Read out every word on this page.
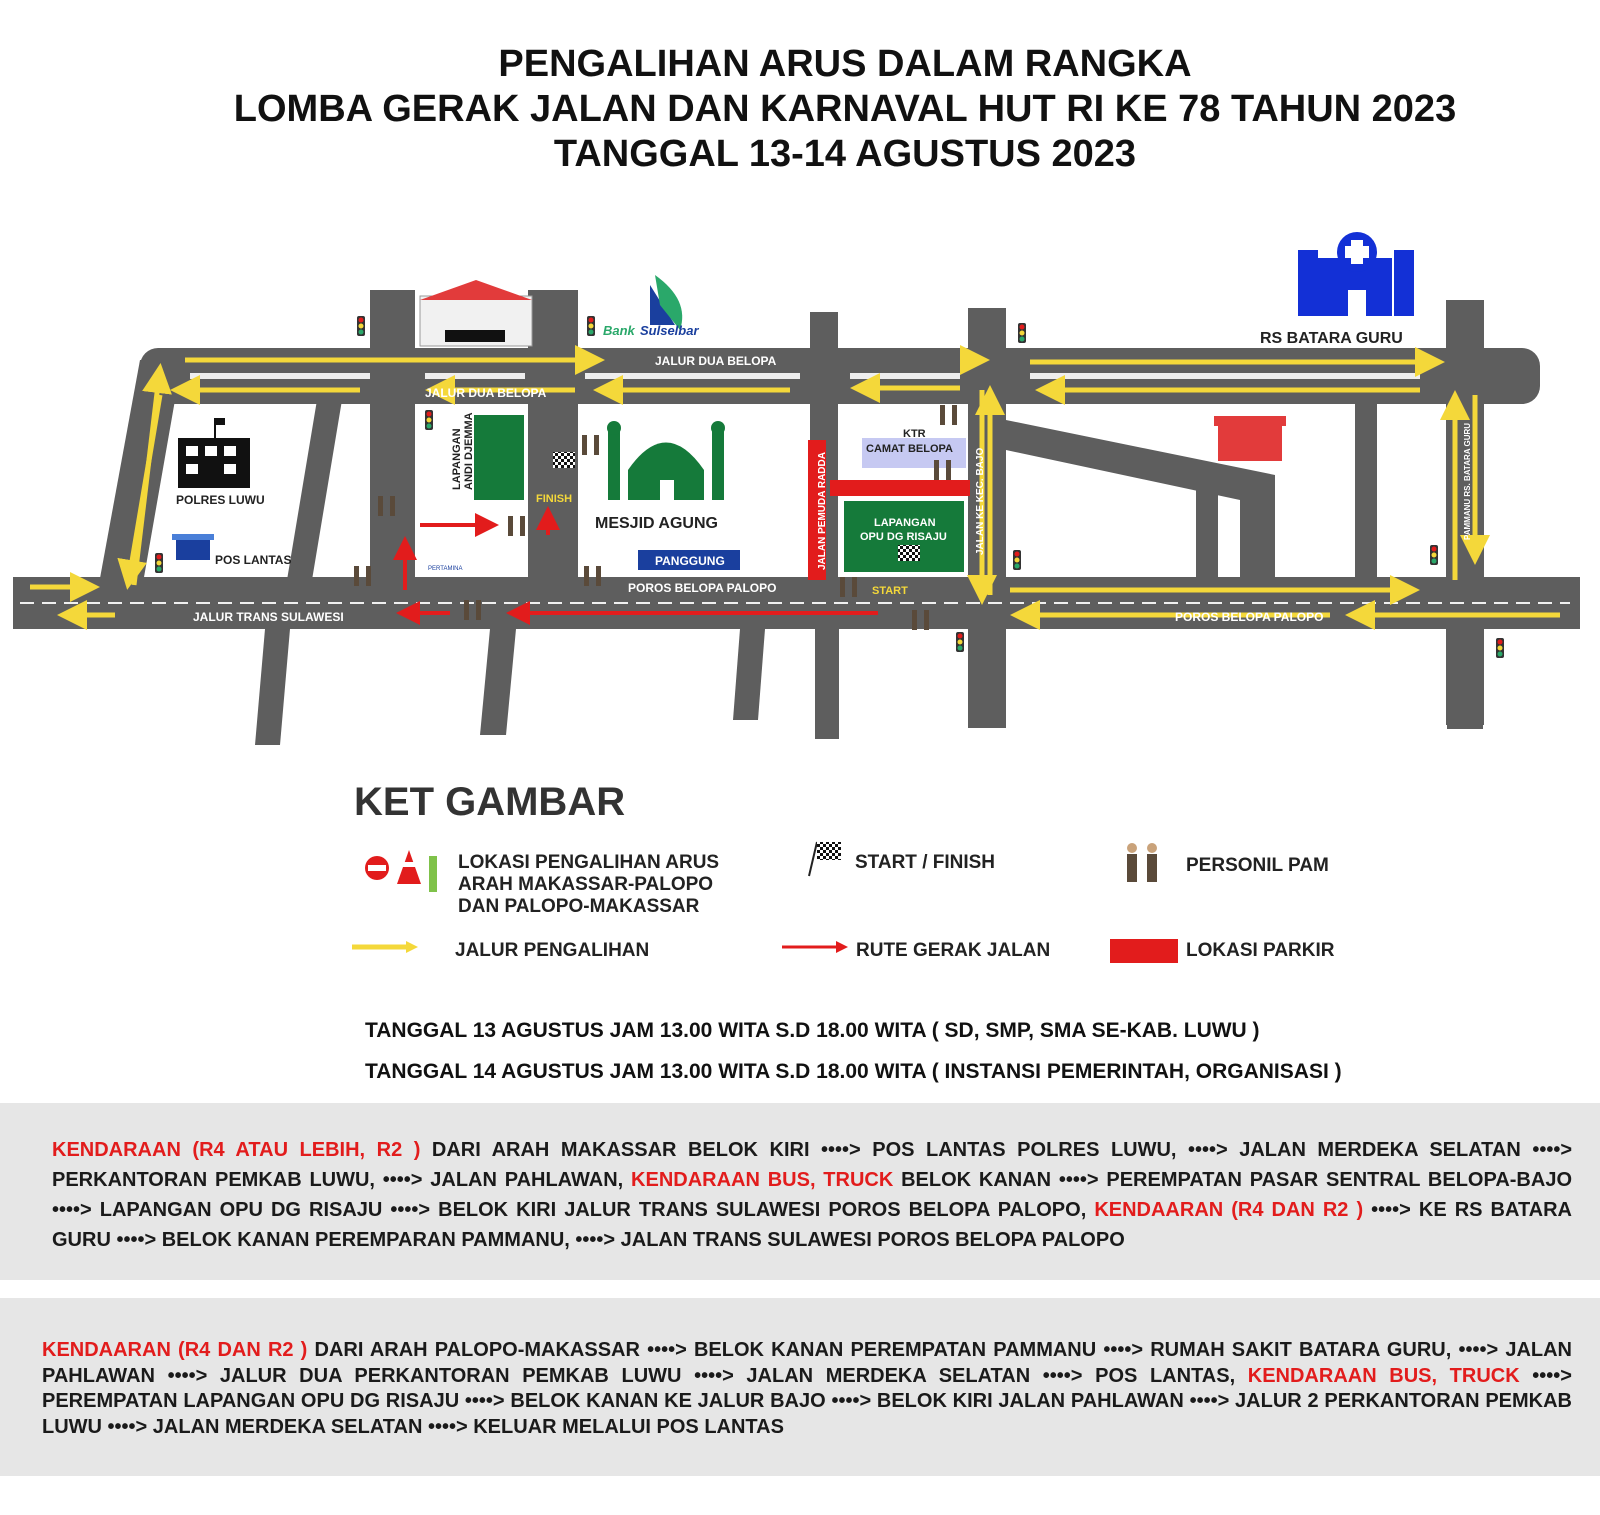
PENGALIHAN ARUS DALAM RANGKA
LOMBA GERAK JALAN DAN KARNAVAL HUT RI KE 78 TAHUN 2023
TANGGAL 13-14 AGUSTUS 2023
POLRES LUWU
POS LANTAS
Bank Sulselbar
LAPANGAN ANDI DJEMMA
FINISH
MESJID AGUNG
PANGGUNG
KTR
CAMAT BELOPA
LAPANGAN
OPU DG RISAJU
START
JALAN PEMUDA RADDA	JALAN KE KEC. BAJO
RS BATARA GURU
PAMMANU RS. BATARA GURU
JALUR DUA BELOPA
JALUR DUA BELOPA
POROS BELOPA PALOPO
POROS BELOPA PALOPO
JALUR TRANS SULAWESI
PERTAMINA
KET GAMBAR
LOKASI PENGALIHAN ARUS
ARAH MAKASSAR-PALOPO
DAN PALOPO-MAKASSAR
START / FINISH	PERSONIL PAM
JALUR PENGALIHAN	RUTE GERAK JALAN	LOKASI PARKIR
TANGGAL 13 AGUSTUS JAM 13.00 WITA S.D 18.00 WITA ( SD, SMP, SMA SE-KAB. LUWU )
TANGGAL 14 AGUSTUS JAM 13.00 WITA S.D 18.00 WITA ( INSTANSI PEMERINTAH, ORGANISASI )

KENDARAAN (R4 ATAU LEBIH, R2 ) DARI ARAH MAKASSAR BELOK KIRI ••••> POS LANTAS POLRES LUWU, ••••> JALAN MERDEKA SELATAN ••••> PERKANTORAN PEMKAB LUWU, ••••> JALAN PAHLAWAN, KENDARAAN BUS, TRUCK BELOK KANAN ••••> PEREMPATAN PASAR SENTRAL BELOPA-BAJO ••••> LAPANGAN OPU DG RISAJU ••••> BELOK KIRI JALUR TRANS SULAWESI POROS BELOPA PALOPO, KENDAARAN (R4 DAN R2 ) ••••> KE RS BATARA GURU ••••> BELOK KANAN PEREMPARAN PAMMANU, ••••> JALAN TRANS SULAWESI POROS BELOPA PALOPO

KENDAARAN (R4 DAN R2 ) DARI ARAH PALOPO-MAKASSAR ••••> BELOK KANAN PEREMPATAN PAMMANU ••••> RUMAH SAKIT BATARA GURU, ••••> JALAN PAHLAWAN ••••> JALUR DUA PERKANTORAN PEMKAB LUWU ••••> JALAN MERDEKA SELATAN ••••> POS LANTAS, KENDARAAN BUS, TRUCK ••••> PEREMPATAN LAPANGAN OPU DG RISAJU ••••> BELOK KANAN KE JALUR BAJO ••••> BELOK KIRI JALAN PAHLAWAN ••••> JALUR 2 PERKANTORAN PEMKAB LUWU ••••> JALAN MERDEKA SELATAN ••••> KELUAR MELALUI POS LANTAS
